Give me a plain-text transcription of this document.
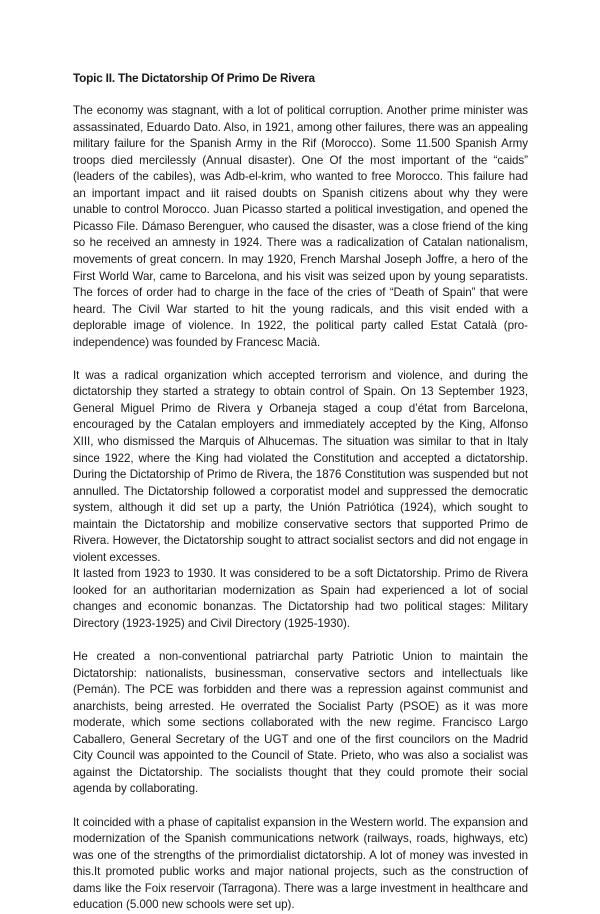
Topic II. The Dictatorship Of Primo De Rivera

The economy was stagnant, with a lot of political corruption. Another prime minister was assassinated, Eduardo Dato. Also, in 1921, among other failures, there was an appealing military failure for the Spanish Army in the Rif (Morocco). Some 11.500 Spanish Army troops died mercilessly (Annual disaster). One Of the most important of the “caids” (leaders of the cabiles), was Adb-el-krim, who wanted to free Morocco. This failure had an important impact and iit raised doubts on Spanish citizens about why they were unable to control Morocco. Juan Picasso started a political investigation, and opened the Picasso File. Dámaso Berenguer, who caused the disaster, was a close friend of the king so he received an amnesty in 1924. There was a radicalization of Catalan nationalism, movements of great concern. In may 1920, French Marshal Joseph Joffre, a hero of the First World War, came to Barcelona, and his visit was seized upon by young separatists. The forces of order had to charge in the face of the cries of “Death of Spain” that were heard. The Civil War started to hit the young radicals, and this visit ended with a deplorable image of violence. In 1922, the political party called Estat Català (pro-independence) was founded by Francesc Macià.

It was a radical organization which accepted terrorism and violence, and during the dictatorship they started a strategy to obtain control of Spain. On 13 September 1923, General Miguel Primo de Rivera y Orbaneja staged a coup d’état from Barcelona, encouraged by the Catalan employers and immediately accepted by the King, Alfonso XIII, who dismissed the Marquis of Alhucemas. The situation was similar to that in Italy since 1922, where the King had violated the Constitution and accepted a dictatorship. During the Dictatorship of Primo de Rivera, the 1876 Constitution was suspended but not annulled. The Dictatorship followed a corporatist model and suppressed the democratic system, although it did set up a party, the Unión Patriótica (1924), which sought to maintain the Dictatorship and mobilize conservative sectors that supported Primo de Rivera. However, the Dictatorship sought to attract socialist sectors and did not engage in violent excesses.

It lasted from 1923 to 1930. It was considered to be a soft Dictatorship. Primo de Rivera looked for an authoritarian modernization as Spain had experienced a lot of social changes and economic bonanzas. The Dictatorship had two political stages: Military Directory (1923-1925) and Civil Directory (1925-1930).

He created a non-conventional patriarchal party Patriotic Union to maintain the Dictatorship: nationalists, businessman, conservative sectors and intellectuals like (Pemán). The PCE was forbidden and there was a repression against communist and anarchists, being arrested. He overrated the Socialist Party (PSOE) as it was more moderate, which some sections collaborated with the new regime. Francisco Largo Caballero, General Secretary of the UGT and one of the first councilors on the Madrid City Council was appointed to the Council of State. Prieto, who was also a socialist was against the Dictatorship. The socialists thought that they could promote their social agenda by collaborating.

It coincided with a phase of capitalist expansion in the Western world. The expansion and modernization of the Spanish communications network (railways, roads, highways, etc) was one of the strengths of the primordialist dictatorship. A lot of money was invested in this.It promoted public works and major national projects, such as the construction of dams like the Foix reservoir (Tarragona). There was a large investment in healthcare and education (5.000 new schools were set up).
